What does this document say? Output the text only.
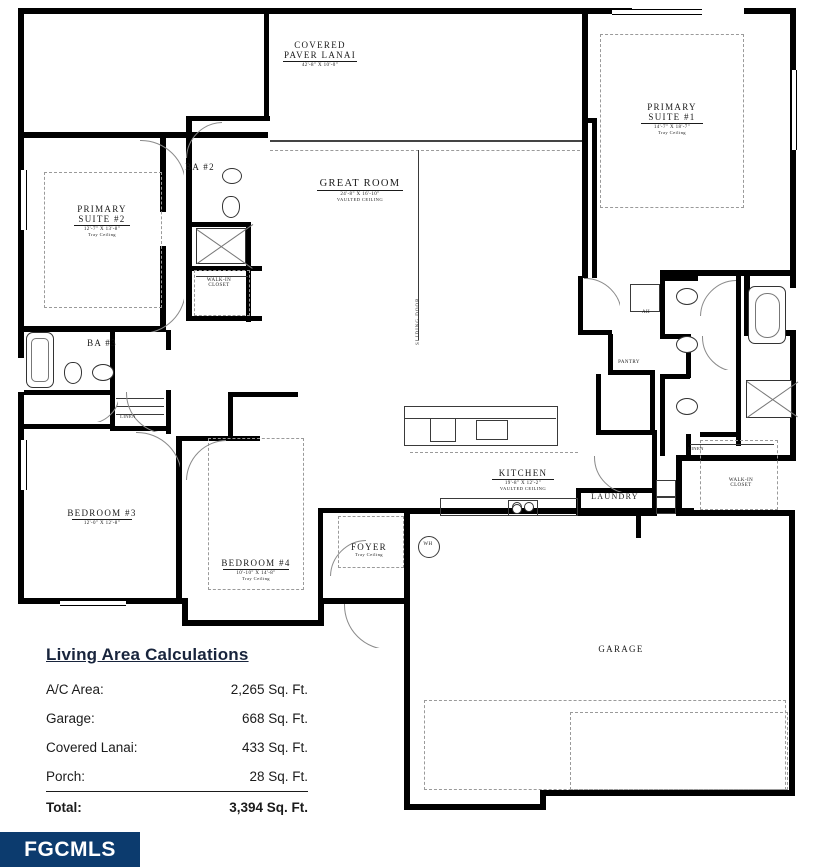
SLIDING DOOR
COVERED
PAVER LANAI
42'-8" X 10'-0"
PRIMARY
SUITE #1
14'-7" X 18'-7"
Tray Ceiling
PRIMARY
SUITE #2
12'-7" X 13'-8"
Tray Ceiling
GREAT ROOM
24'-8" X 16'-10"
VAULTED CEILING
BA #2
BA #3
WALK-IN
CLOSET
WALK-IN
CLOSET
PANTRY
KITCHEN
19'-8" X 12'-2"
VAULTED CEILING
LAUNDRY
BEDROOM #3
12'-0" X 12'-8"
BEDROOM #4
10'-10" X 14'-8"
Tray Ceiling
FOYER
Tray Ceiling
GARAGE
LINEN
LINEN
WH
AH
Living Area Calculations
A/C Area:	2,265 Sq. Ft.
Garage:	668 Sq. Ft.
Covered Lanai:	433 Sq. Ft.
Porch:	28 Sq. Ft.
Total:	3,394 Sq. Ft.
FGCMLS
